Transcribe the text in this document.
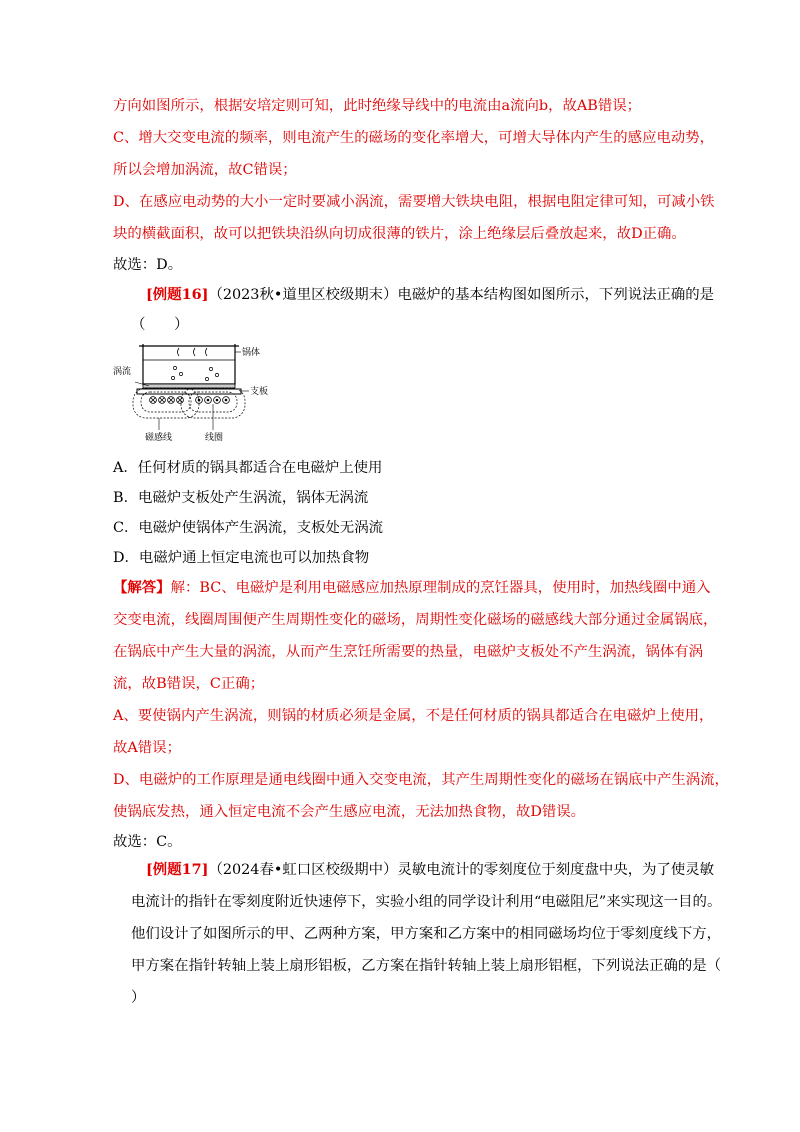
方向如图所示，根据安培定则可知，此时绝缘导线中的电流由a流向b，故AB错误；
C、增大交变电流的频率，则电流产生的磁场的变化率增大，可增大导体内产生的感应电动势，
所以会增加涡流，故C错误；
D、在感应电动势的大小一定时要减小涡流，需要增大铁块电阻，根据电阻定律可知，可减小铁
块的横截面积，故可以把铁块沿纵向切成很薄的铁片，涂上绝缘层后叠放起来，故D正确。
故选：D。
[例题16]（2023秋•道里区校级期末）电磁炉的基本结构图如图所示，下列说法正确的是
（　　）
锅体
涡流
支板
磁感线	线圈
A．任何材质的锅具都适合在电磁炉上使用
B．电磁炉支板处产生涡流，锅体无涡流
C．电磁炉使锅体产生涡流，支板处无涡流
D．电磁炉通上恒定电流也可以加热食物
【解答】解：BC、电磁炉是利用电磁感应加热原理制成的烹饪器具，使用时，加热线圈中通入
交变电流，线圈周围便产生周期性变化的磁场，周期性变化磁场的磁感线大部分通过金属锅底，
在锅底中产生大量的涡流，从而产生烹饪所需要的热量，电磁炉支板处不产生涡流，锅体有涡
流，故B错误，C正确；
A、要使锅内产生涡流，则锅的材质必须是金属，不是任何材质的锅具都适合在电磁炉上使用，
故A错误；
D、电磁炉的工作原理是通电线圈中通入交变电流，其产生周期性变化的磁场在锅底中产生涡流，
使锅底发热，通入恒定电流不会产生感应电流，无法加热食物，故D错误。
故选：C。
[例题17]（2024春•虹口区校级期中）灵敏电流计的零刻度位于刻度盘中央，为了使灵敏
电流计的指针在零刻度附近快速停下，实验小组的同学设计利用“电磁阻尼”来实现这一目的。
他们设计了如图所示的甲、乙两种方案，甲方案和乙方案中的相同磁场均位于零刻度线下方，
甲方案在指针转轴上装上扇形铝板，乙方案在指针转轴上装上扇形铝框，下列说法正确的是（
）
